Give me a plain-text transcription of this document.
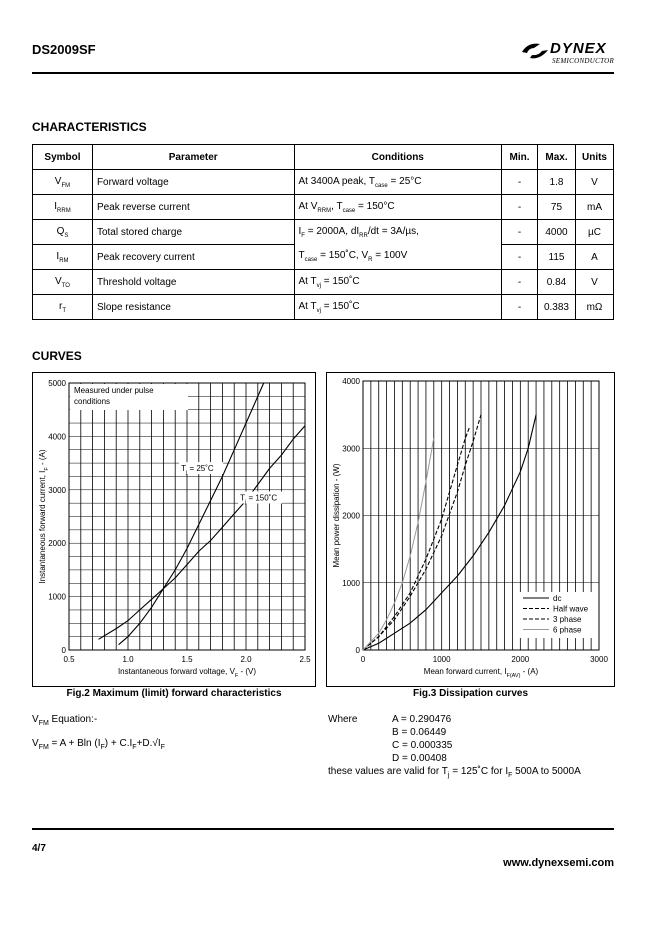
DS2009SF	DYNEX
SEMICONDUCTOR
CHARACTERISTICS
Symbol	Parameter	Conditions	Min.	Max.	Units
$V_{FM}$	Forward voltage	At 3400A peak, $T_{case} = 25^\circ C$	-	1.8	V
$I_{RRM}$	Peak reverse current	At $V_{RRM}$, $T_{case} = 150^\circ C$	-	75	mA
$Q_S$	Total stored charge	$I_F = 2000A$, $dI_{RR}/dt = 3A/\mu s$,	-	4000	µC
$I_{RM}$	Peak recovery current	$T_{case}$ = 150˚C, $V_R = 100V$	-	115	A
$V_{TO}$	Threshold voltage	At $T_{vj}$ = 150˚C	-	0.84	V
$r_T$	Slope resistance	At $T_{vj}$ = 150˚C	-	0.383	mΩ
CURVES
0.5	1.0	1.5	2.0	2.5
0
1000
2000
3000
4000
5000
Instantaneous forward voltage, $V_F - (V)$
Instantaneous forward current, $I_F - (A)$
Measured under pulse
conditions
$T_j$ = 25˚C
$T_j$ = 150˚C
Fig.2 Maximum (limit) forward characteristics
0	1000	2000	3000
0
1000
2000
3000
4000
Mean forward current, $I_{F(AV)} - (A)$
Mean power dissipation - (W)
dc
Half wave
3 phase
6 phase
Fig.3 Dissipation curves
$V_{FM}$ Equation:-
$V_{FM} = A + Bln$ $(I_F) + C.I_F+D.√I_F$
Where	A = 0.290476
B = 0.06449
C = 0.000335
D = 0.00408
these values are valid for $T_j$ = 125˚C for $I_F$ 500A to 5000A
4/7
www.dynexsemi.com
